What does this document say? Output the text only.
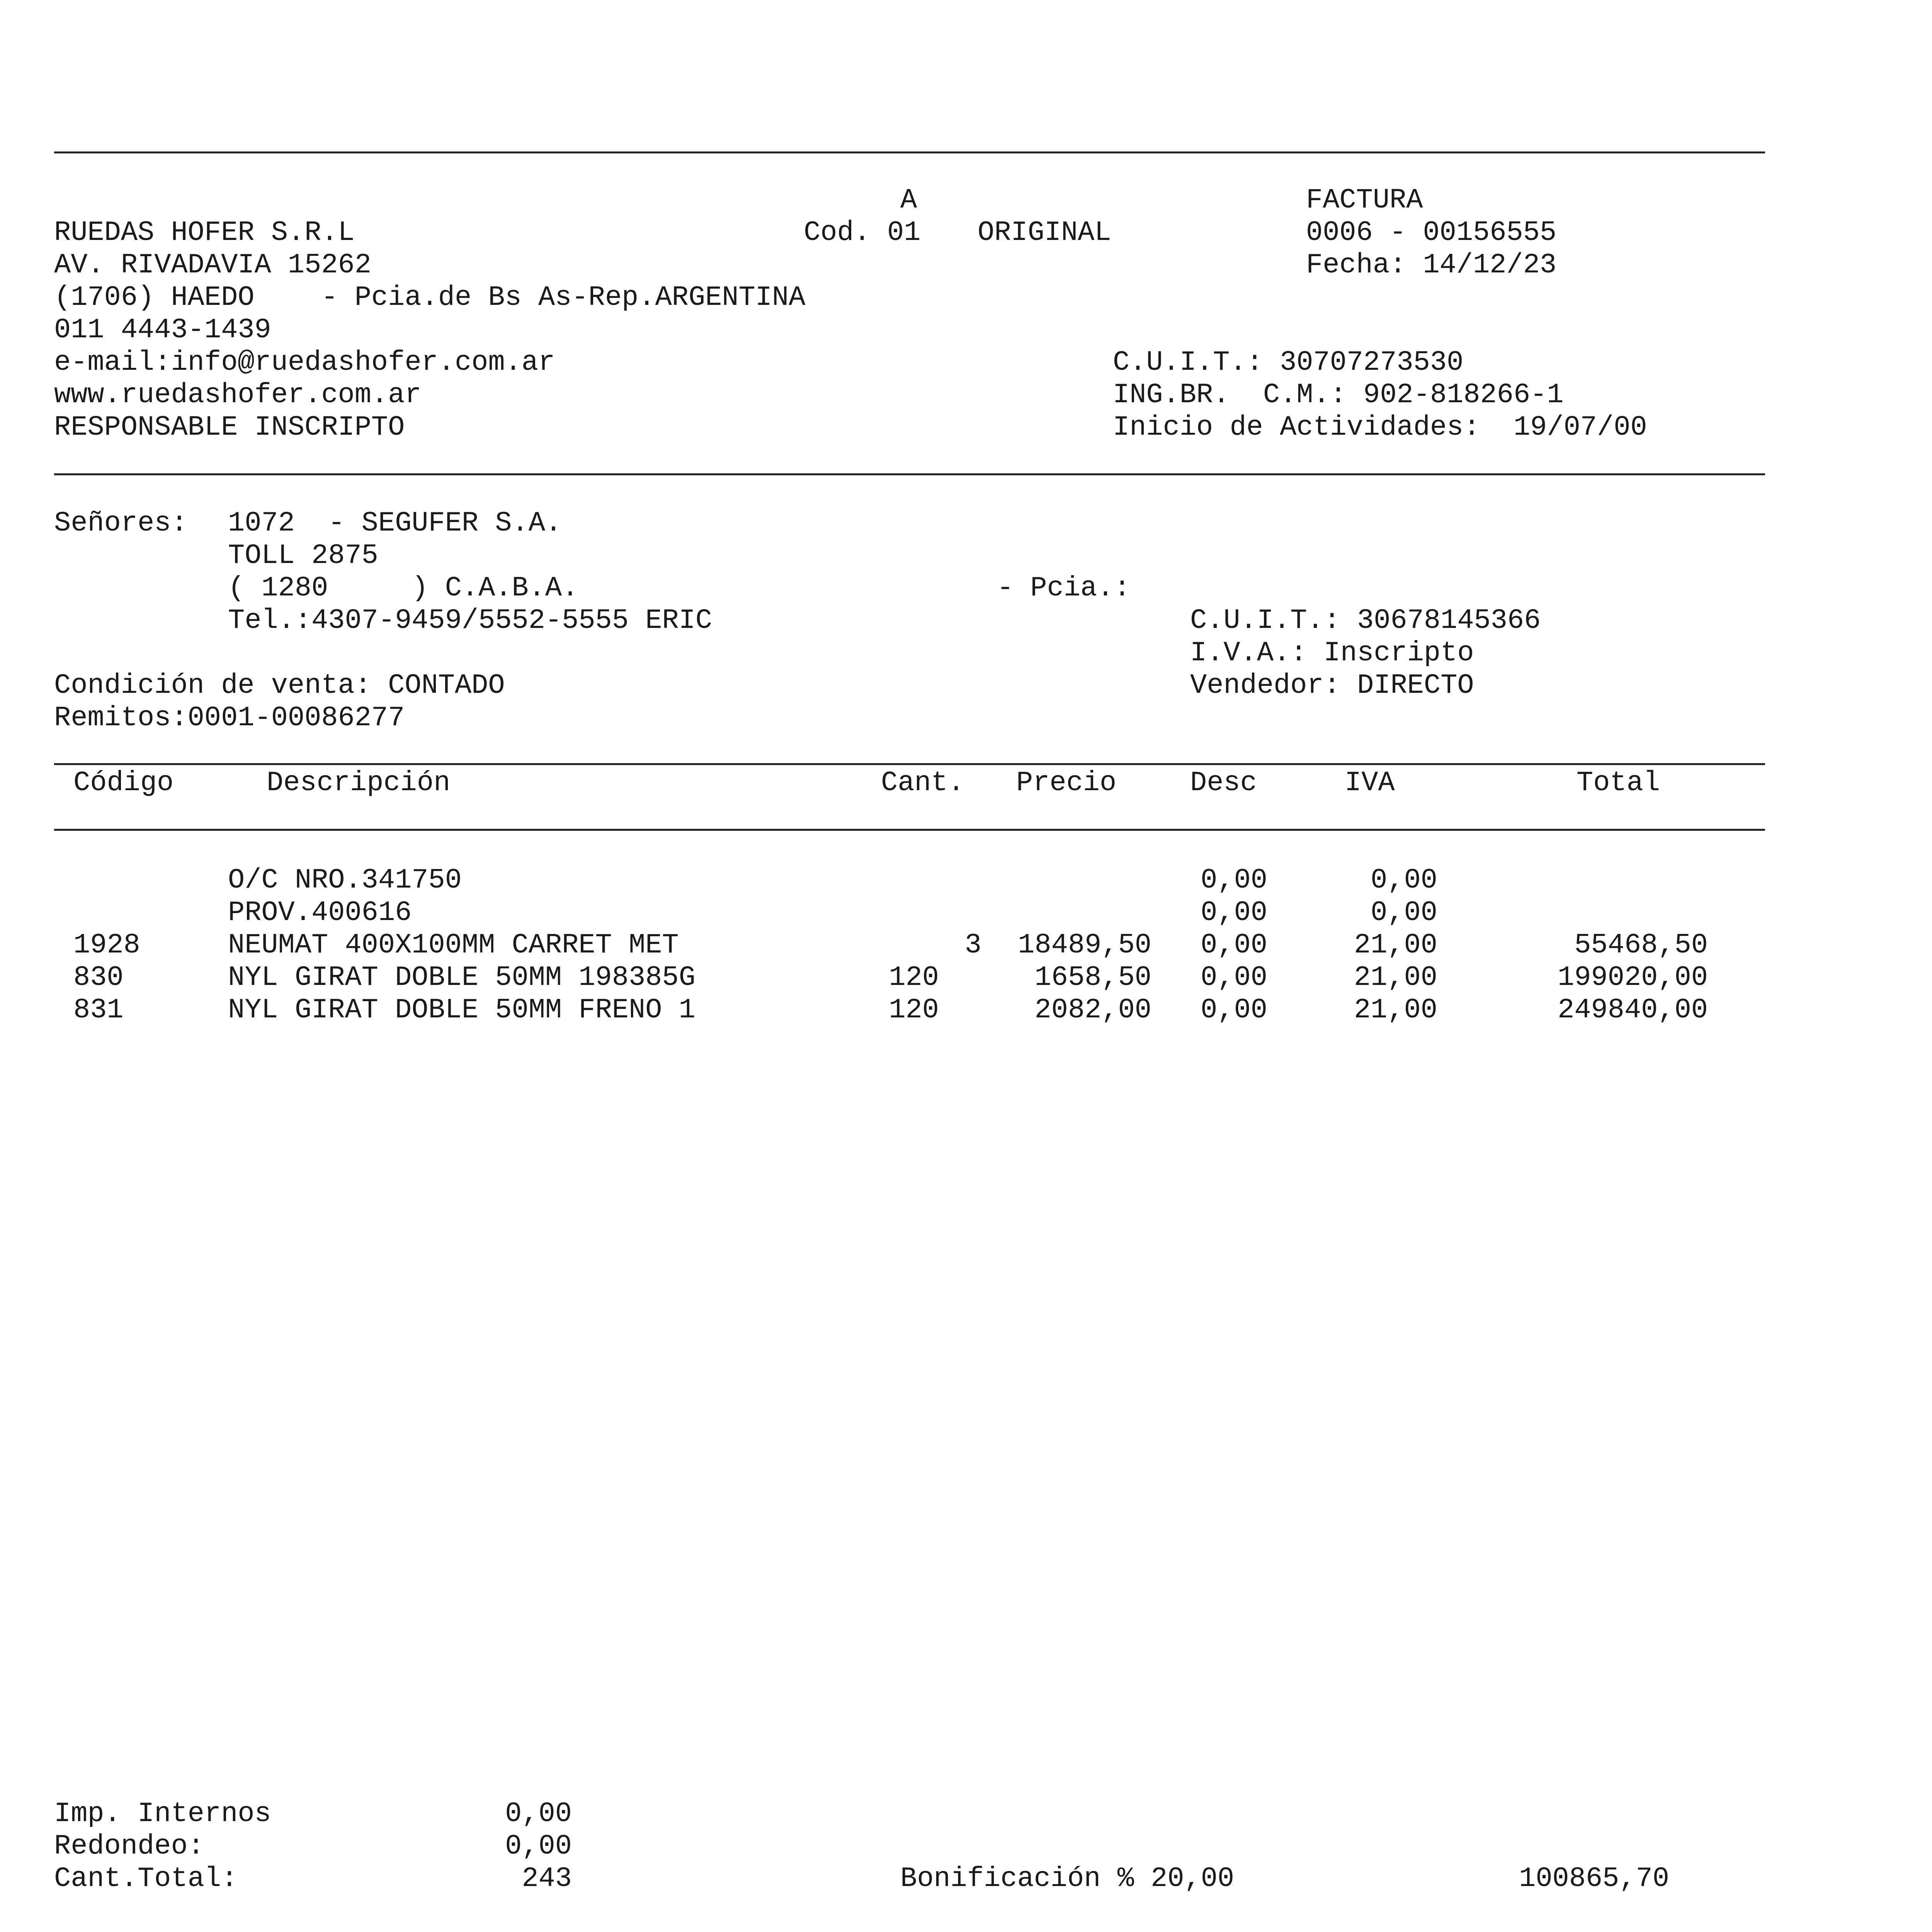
RUEDAS HOFER S.R.L

AV. RIVADAVIA 15262

(1706) HAEDO    - Pcia.de Bs As-Rep.ARGENTINA

011 4443-1439

e-mail:info@ruedashofer.com.ar

www.ruedashofer.com.ar

RESPONSABLE INSCRIPTO

A

Cod. 01 ORIGINAL

FACTURA

0006 - 00156555

Fecha: 14/12/23

C.U.I.T.: 30707273530

ING.BR.  C.M.: 902-818266-1

Inicio de Actividades:  19/07/00

Señores: 1072  - SEGUFER S.A.

TOLL 2875

( 1280     ) C.A.B.A.	- Pcia.:

Tel.:4307-9459/5552-5555 ERIC	C.U.I.T.: 30678145366

I.V.A.: Inscripto

Condición de venta: CONTADO	Vendedor: DIRECTO

Remitos:0001-00086277

Código	Descripción	Cant. Precio	Desc	IVA	Total

O/C NRO.341750	0,00	0,00

PROV.400616	0,00	0,00

1928	NEUMAT 400X100MM CARRET MET	3	18489,50	0,00	21,00	55468,50

830	NYL GIRAT DOBLE 50MM 198385G	120	1658,50	0,00	21,00	199020,00

831	NYL GIRAT DOBLE 50MM FRENO 1	120	2082,00	0,00	21,00	249840,00

Imp. Internos	0,00

Redondeo:	0,00

Cant.Total:	243	Bonificación % 20,00	100865,70
